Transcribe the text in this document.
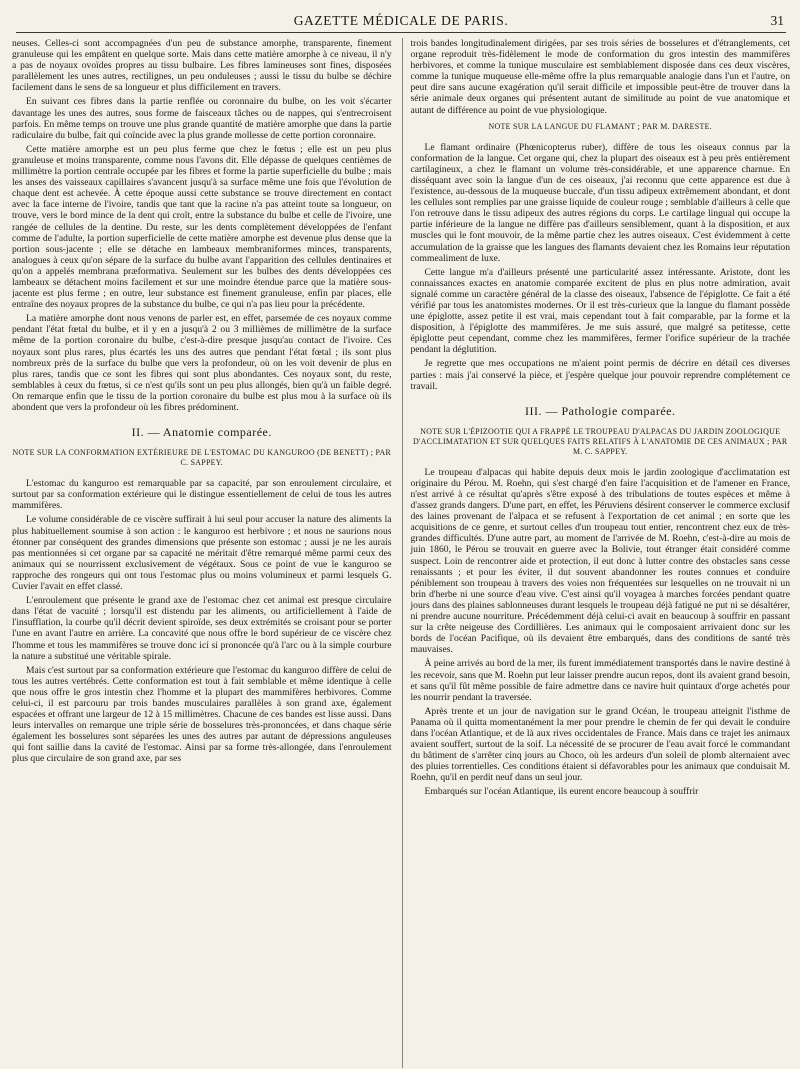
GAZETTE MÉDICALE DE PARIS.	31

neuses. Celles-ci sont accompagnées d'un peu de substance amorphe, transparente, finement granuleuse qui les empâtent en quelque sorte. Mais dans cette matière amorphe à ce niveau, il n'y a pas de noyaux ovoïdes propres au tissu bulbaire. Les fibres lamineuses sont fines, disposées parallèlement les unes autres, rectilignes, un peu onduleuses ; aussi le tissu du bulbe se déchire facilement dans le sens de sa longueur et plus difficilement en travers.

En suivant ces fibres dans la partie renflée ou coronnaire du bulbe, on les voit s'écarter davantage les unes des autres, sous forme de faisceaux tâches ou de nappes, qui s'entrecroisent parfois. En même temps on trouve une plus grande quantité de matière amorphe que dans la partie radiculaire du bulbe, fait qui coïncide avec la plus grande mollesse de cette portion coronnaire.

Cette matière amorphe est un peu plus ferme que chez le fœtus ; elle est un peu plus granuleuse et moins transparente, comme nous l'avons dit. Elle dépasse de quelques centièmes de millimètre la portion centrale occupée par les fibres et forme la partie superficielle du bulbe ; mais les anses des vaisseaux capillaires s'avancent jusqu'à sa surface même une fois que l'évolution de chaque dent est achevée. À cette époque aussi cette substance se trouve directement en contact avec la face interne de l'ivoire, tandis que tant que la racine n'a pas atteint toute sa longueur, on trouve, vers le bord mince de la dent qui croît, entre la substance du bulbe et celle de l'ivoire, une rangée de cellules de la dentine. Du reste, sur les dents complètement développées de l'enfant comme de l'adulte, la portion superficielle de cette matière amorphe est devenue plus dense que la portion sous-jacente ; elle se détache en lambeaux membraniformes minces, transparents, analogues à ceux qu'on sépare de la surface du bulbe avant l'apparition des cellules dentinaires et qu'on a appelés membrana præformativa. Seulement sur les bulbes des dents développées ces lambeaux se détachent moins facilement et sur une moindre étendue parce que la matière sous-jacente est plus ferme ; en outre, leur substance est finement granuleuse, enfin par places, elle entraîne des noyaux propres de la substance du bulbe, ce qui n'a pas lieu pour la précédente.

La matière amorphe dont nous venons de parler est, en effet, parsemée de ces noyaux comme pendant l'état fœtal du bulbe, et il y en a jusqu'à 2 ou 3 millièmes de millimètre de la surface même de la portion coronaire du bulbe, c'est-à-dire presque jusqu'au contact de l'ivoire. Ces noyaux sont plus rares, plus écartés les uns des autres que pendant l'état fœtal ; ils sont plus nombreux près de la surface du bulbe que vers la profondeur, où on les voit devenir de plus en plus rares, tandis que ce sont les fibres qui sont plus abondantes. Ces noyaux sont, du reste, semblables à ceux du fœtus, si ce n'est qu'ils sont un peu plus allongés, bien qu'à un faible degré. On remarque enfin que le tissu de la portion coronaire du bulbe est plus mou à la surface où ils abondent que vers la profondeur où les fibres prédominent.

II. — Anatomie comparée.
NOTE SUR LA CONFORMATION EXTÉRIEURE DE L'ESTOMAC DU KANGUROO (DE BENETT) ; PAR C. SAPPEY.

L'estomac du kanguroo est remarquable par sa capacité, par son enroulement circulaire, et surtout par sa conformation extérieure qui le distingue essentiellement de celui de tous les autres mammifères.

Le volume considérable de ce viscère suffirait à lui seul pour accuser la nature des aliments la plus habituellement soumise à son action : le kanguroo est herbivore ; et nous ne saurions nous étonner par conséquent des grandes dimensions que présente son estomac ; aussi je ne les aurais pas mentionnées si cet organe par sa capacité ne méritait d'être remarqué même parmi ceux des animaux qui se nourrissent exclusivement de végétaux. Sous ce point de vue le kanguroo se rapproche des rongeurs qui ont tous l'estomac plus ou moins volumineux et parmi lesquels G. Cuvier l'avait en effet classé.

L'enroulement que présente le grand axe de l'estomac chez cet animal est presque circulaire dans l'état de vacuité ; lorsqu'il est distendu par les aliments, ou artificiellement à l'aide de l'insufflation, la courbe qu'il décrit devient spiroïde, ses deux extrémités se croisant pour se porter l'une en avant l'autre en arrière. La concavité que nous offre le bord supérieur de ce viscère chez l'homme et tous les mammifères se trouve donc ici si prononcée qu'à l'arc ou à la simple courbure la nature a substitué une véritable spirale.

Mais c'est surtout par sa conformation extérieure que l'estomac du kanguroo diffère de celui de tous les autres vertébrés. Cette conformation est tout à fait semblable et même identique à celle que nous offre le gros intestin chez l'homme et la plupart des mammifères herbivores. Comme celui-ci, il est parcouru par trois bandes musculaires parallèles à son grand axe, également espacées et offrant une largeur de 12 à 15 millimètres. Chacune de ces bandes est lisse aussi. Dans leurs intervalles on remarque une triple série de bosselures très-prononcées, et dans chaque série également les bosselures sont séparées les unes des autres par autant de dépressions anguleuses qui font saillie dans la cavité de l'estomac. Ainsi par sa forme très-allongée, dans l'enroulement plus que circulaire de son grand axe, par ses

trois bandes longitudinalement dirigées, par ses trois séries de bosselures et d'étranglements, cet organe reproduit très-fidèlement le mode de conformation du gros intestin des mammifères herbivores, et comme la tunique musculaire est semblablement disposée dans ces deux viscères, comme la tunique muqueuse elle-même offre la plus remarquable analogie dans l'un et l'autre, on peut dire sans aucune exagération qu'il serait difficile et impossible peut-être de trouver dans la série animale deux organes qui présentent autant de similitude au point de vue anatomique et autant de différence au point de vue physiologique.

NOTE SUR LA LANGUE DU FLAMANT ; PAR M. DARESTE.

Le flamant ordinaire (Phœnicopterus ruber), diffère de tous les oiseaux connus par la conformation de la langue. Cet organe qui, chez la plupart des oiseaux est à peu près entièrement cartilagineux, a chez le flamant un volume très-considérable, et une apparence charnue. En disséquant avec soin la langue d'un de ces oiseaux, j'ai reconnu que cette apparence est due à l'existence, au-dessous de la muqueuse buccale, d'un tissu adipeux extrêmement abondant, et dont les cellules sont remplies par une graisse liquide de couleur rouge ; semblable d'ailleurs à celle que l'on retrouve dans le tissu adipeux des autres régions du corps. Le cartilage lingual qui occupe la partie inférieure de la langue ne diffère pas d'ailleurs sensiblement, quant à la disposition, et aux muscles qui le font mouvoir, de la même partie chez les autres oiseaux. C'est évidemment à cette accumulation de la graisse que les langues des flamants devaient chez les Romains leur réputation commealiment de luxe.

Cette langue m'a d'ailleurs présenté une particularité assez intéressante. Aristote, dont les connaissances exactes en anatomie comparée excitent de plus en plus notre admiration, avait signalé comme un caractère général de la classe des oiseaux, l'absence de l'épiglotte. Ce fait a été vérifié par tous les anatomistes modernes. Or il est très-curieux que la langue du flamant possède une épiglotte, assez petite il est vrai, mais cependant tout à fait comparable, par la forme et la disposition, à l'épiglotte des mammifères. Je me suis assuré, que malgré sa petitesse, cette épiglotte peut cependant, comme chez les mammifères, fermer l'orifice supérieur de la trachée pendant la déglutition.

Je regrette que mes occupations ne m'aient point permis de décrire en détail ces diverses parties : mais j'ai conservé la pièce, et j'espère quelque jour pouvoir reprendre complétement ce travail.

III. — Pathologie comparée.
NOTE SUR L'ÉPIZOOTIE QUI A FRAPPÉ LE TROUPEAU D'ALPACAS DU JARDIN ZOOLOGIQUE D'ACCLIMATATION ET SUR QUELQUES FAITS RELATIFS À L'ANATOMIE DE CES ANIMAUX ; PAR M. C. SAPPEY.

Le troupeau d'alpacas qui habite depuis deux mois le jardin zoologique d'acclimatation est originaire du Pérou. M. Roehn, qui s'est chargé d'en faire l'acquisition et de l'amener en France, n'est arrivé à ce résultat qu'après s'être exposé à des tribulations de toutes espèces et même à d'assez grands dangers. D'une part, en effet, les Péruviens désirent conserver le commerce exclusif des laines provenant de l'alpaca et se refusent à l'exportation de cet animal ; en sorte que les acquisitions de ce genre, et surtout celles d'un troupeau tout entier, rencontrent chez eux de très-grandes difficultés. D'une autre part, au moment de l'arrivée de M. Roehn, c'est-à-dire au mois de juin 1860, le Pérou se trouvait en guerre avec la Bolivie, tout étranger était considéré comme suspect. Loin de rencontrer aide et protection, il eut donc à lutter contre des obstacles sans cesse renaissants ; et pour les éviter, il dut souvent abandonner les routes connues et conduire péniblement son troupeau à travers des voies non fréquentées sur lesquelles on ne trouvait ni un brin d'herbe ni une source d'eau vive. C'est ainsi qu'il voyagea à marches forcées pendant quatre jours dans des plaines sablonneuses durant lesquels le troupeau déjà fatigué ne put ni se désaltérer, ni prendre aucune nourriture. Précédemment déjà celui-ci avait en beaucoup à souffrir en passant sur la crête neigeuse des Cordillières. Les animaux qui le composaient arrivaient donc sur les bords de l'océan Pacifique, où ils devaient être embarqués, dans des conditions de santé très mauvaises.

À peine arrivés au bord de la mer, ils furent immédiatement transportés dans le navire destiné à les recevoir, sans que M. Roehn put leur laisser prendre aucun repos, dont ils avaient grand besoin, et sans qu'il fût même possible de faire admettre dans ce navire huit quintaux d'orge achetés pour les nourrir pendant la traversée.

Après trente et un jour de navigation sur le grand Océan, le troupeau atteignit l'isthme de Panama où il quitta momentanément la mer pour prendre le chemin de fer qui devait le conduire dans l'océan Atlantique, et de là aux rives occidentales de France. Mais dans ce trajet les animaux avaient souffert, surtout de la soif. La nécessité de se procurer de l'eau avait forcé le commandant du bâtiment de s'arrêter cinq jours au Choco, où les ardeurs d'un soleil de plomb alternaient avec des pluies torrentielles. Ces conditions étaient si défavorables pour les animaux que conduisait M. Roehn, qu'il en perdit neuf dans un seul jour.

Embarqués sur l'océan Atlantique, ils eurent encore beaucoup à souffrir
